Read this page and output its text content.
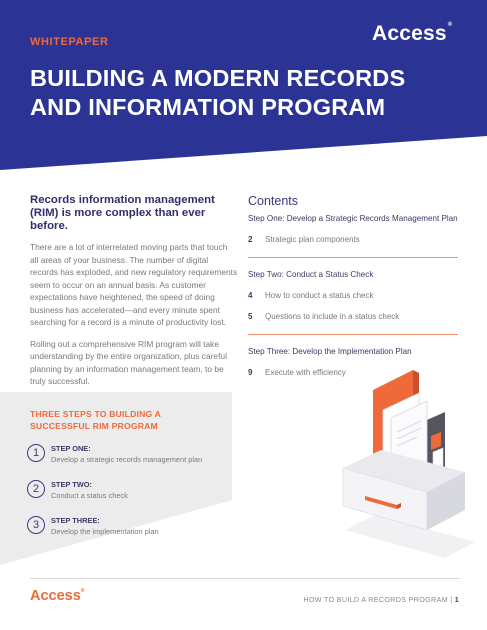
WHITEPAPER	Access®
BUILDING A MODERN RECORDS AND INFORMATION PROGRAM

Records information management (RIM) is more complex than ever before.

There are a lot of interrelated moving parts that touch all areas of your business. The number of digital records has exploded, and new regulatory requirements seem to occur on an annual basis. As customer expectations have heightened, the speed of doing business has accelerated—and every minute spent searching for a record is a minute of productivity lost.

Rolling out a comprehensive RIM program will take understanding by the entire organization, plus careful planning by an information management team, to be truly successful.

Contents
Step One: Develop a Strategic Records Management Plan
2	Strategic plan components
Step Two: Conduct a Status Check
4	How to conduct a status check
5	Questions to include in a status check
Step Three: Develop the Implementation Plan
9	Execute with efficiency
THREE STEPS TO BUILDING A SUCCESSFUL RIM PROGRAM
1	STEP ONE:
Develop a strategic records management plan
2	STEP TWO:
Conduct a status check
3	STEP THREE:
Develop the implementation plan
Access®
HOW TO BUILD A RECORDS PROGRAM | 1
